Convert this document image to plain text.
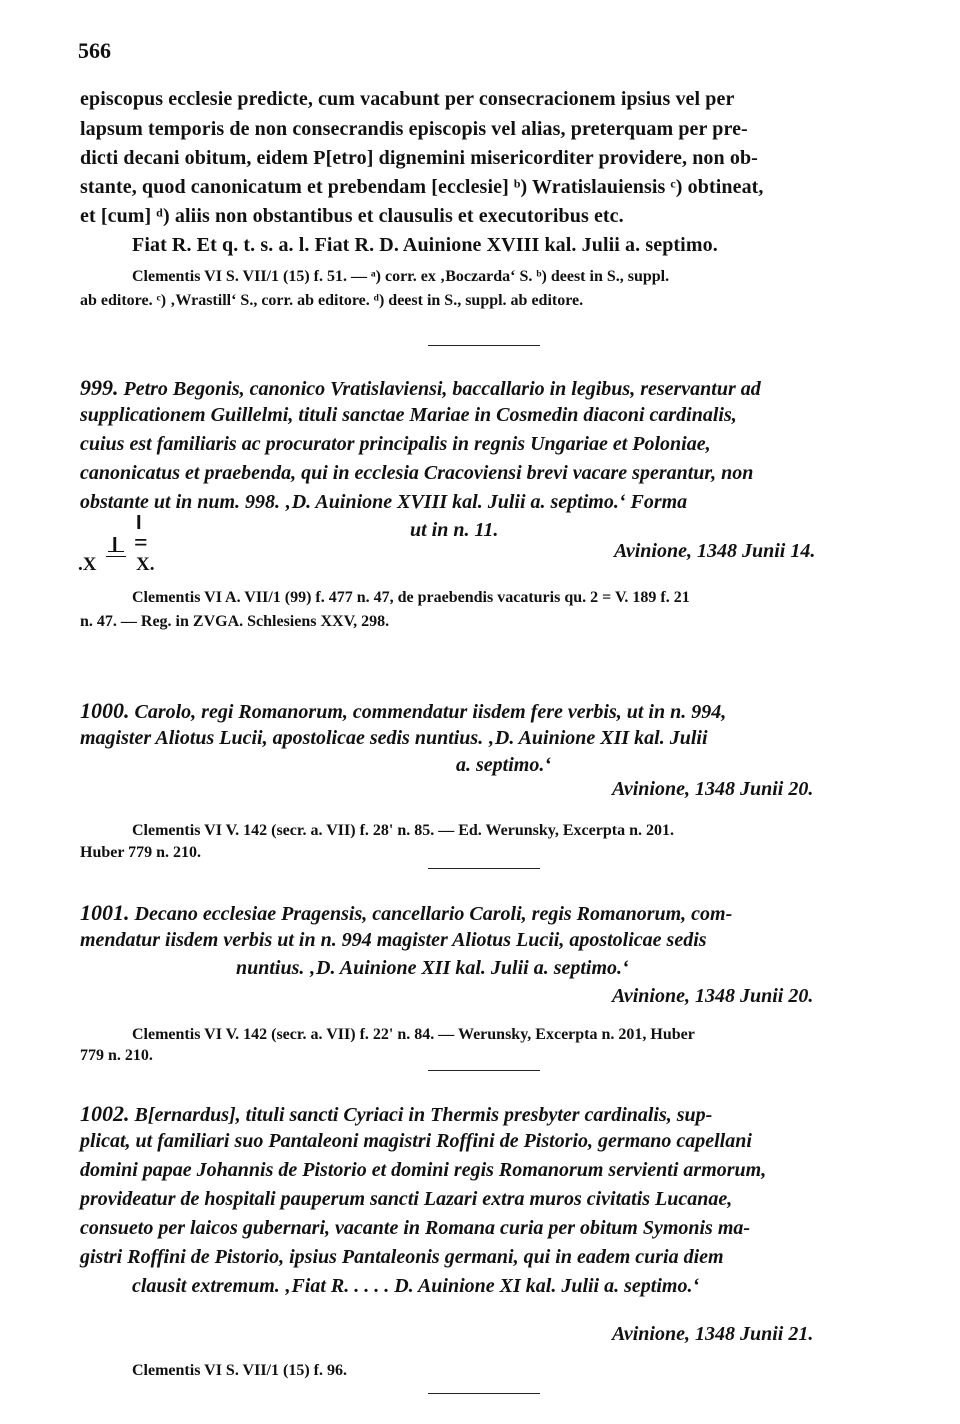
566
episcopus ecclesie predicte, cum vacabunt per consecracionem ipsius vel per
lapsum temporis de non consecrandis episcopis vel alias, preterquam per pre-
dicti decani obitum, eidem P[etro] dignemini misericorditer providere, non ob-
stante, quod canonicatum et prebendam [ecclesie] ᵇ) Wratislauiensis ᶜ) obtineat,
et [cum] ᵈ) aliis non obstantibus et clausulis et executoribus etc.
Fiat R. Et q. t. s. a. l. Fiat R. D. Auinione XVIII kal. Julii a. septimo.
Clementis VI S. VII/1 (15) f. 51. — ᵃ) corr. ex ‚Boczarda‘ S. ᵇ) deest in S., suppl.
ab editore. ᶜ) ‚Wrastill‘ S., corr. ab editore. ᵈ) deest in S., suppl. ab editore.
999. Petro Begonis, canonico Vratislaviensi, baccallario in legibus, reservantur ad
supplicationem Guillelmi, tituli sanctae Mariae in Cosmedin diaconi cardinalis,
cuius est familiaris ac procurator principalis in regnis Ungariae et Poloniae,
canonicatus et praebenda, qui in ecclesia Cracoviensi brevi vacare sperantur, non
obstante ut in num. 998. ‚D. Auinione XVIII kal. Julii a. septimo.‘ Forma
ut in n. 11.
I
I =
.X X.
Avinione, 1348 Junii 14.
Clementis VI A. VII/1 (99) f. 477 n. 47, de praebendis vacaturis qu. 2 = V. 189 f. 21
n. 47. — Reg. in ZVGA. Schlesiens XXV, 298.
1000. Carolo, regi Romanorum, commendatur iisdem fere verbis, ut in n. 994,
magister Aliotus Lucii, apostolicae sedis nuntius. ‚D. Auinione XII kal. Julii
a. septimo.‘
Avinione, 1348 Junii 20.
Clementis VI V. 142 (secr. a. VII) f. 28' n. 85. — Ed. Werunsky, Excerpta n. 201.
Huber 779 n. 210.
1001. Decano ecclesiae Pragensis, cancellario Caroli, regis Romanorum, com-
mendatur iisdem verbis ut in n. 994 magister Aliotus Lucii, apostolicae sedis
nuntius. ‚D. Auinione XII kal. Julii a. septimo.‘
Avinione, 1348 Junii 20.
Clementis VI V. 142 (secr. a. VII) f. 22' n. 84. — Werunsky, Excerpta n. 201, Huber
779 n. 210.
1002. B[ernardus], tituli sancti Cyriaci in Thermis presbyter cardinalis, sup-
plicat, ut familiari suo Pantaleoni magistri Roffini de Pistorio, germano capellani
domini papae Johannis de Pistorio et domini regis Romanorum servienti armorum,
provideatur de hospitali pauperum sancti Lazari extra muros civitatis Lucanae,
consueto per laicos gubernari, vacante in Romana curia per obitum Symonis ma-
gistri Roffini de Pistorio, ipsius Pantaleonis germani, qui in eadem curia diem
clausit extremum. ‚Fiat R. . . . . D. Auinione XI kal. Julii a. septimo.‘
Avinione, 1348 Junii 21.
Clementis VI S. VII/1 (15) f. 96.
